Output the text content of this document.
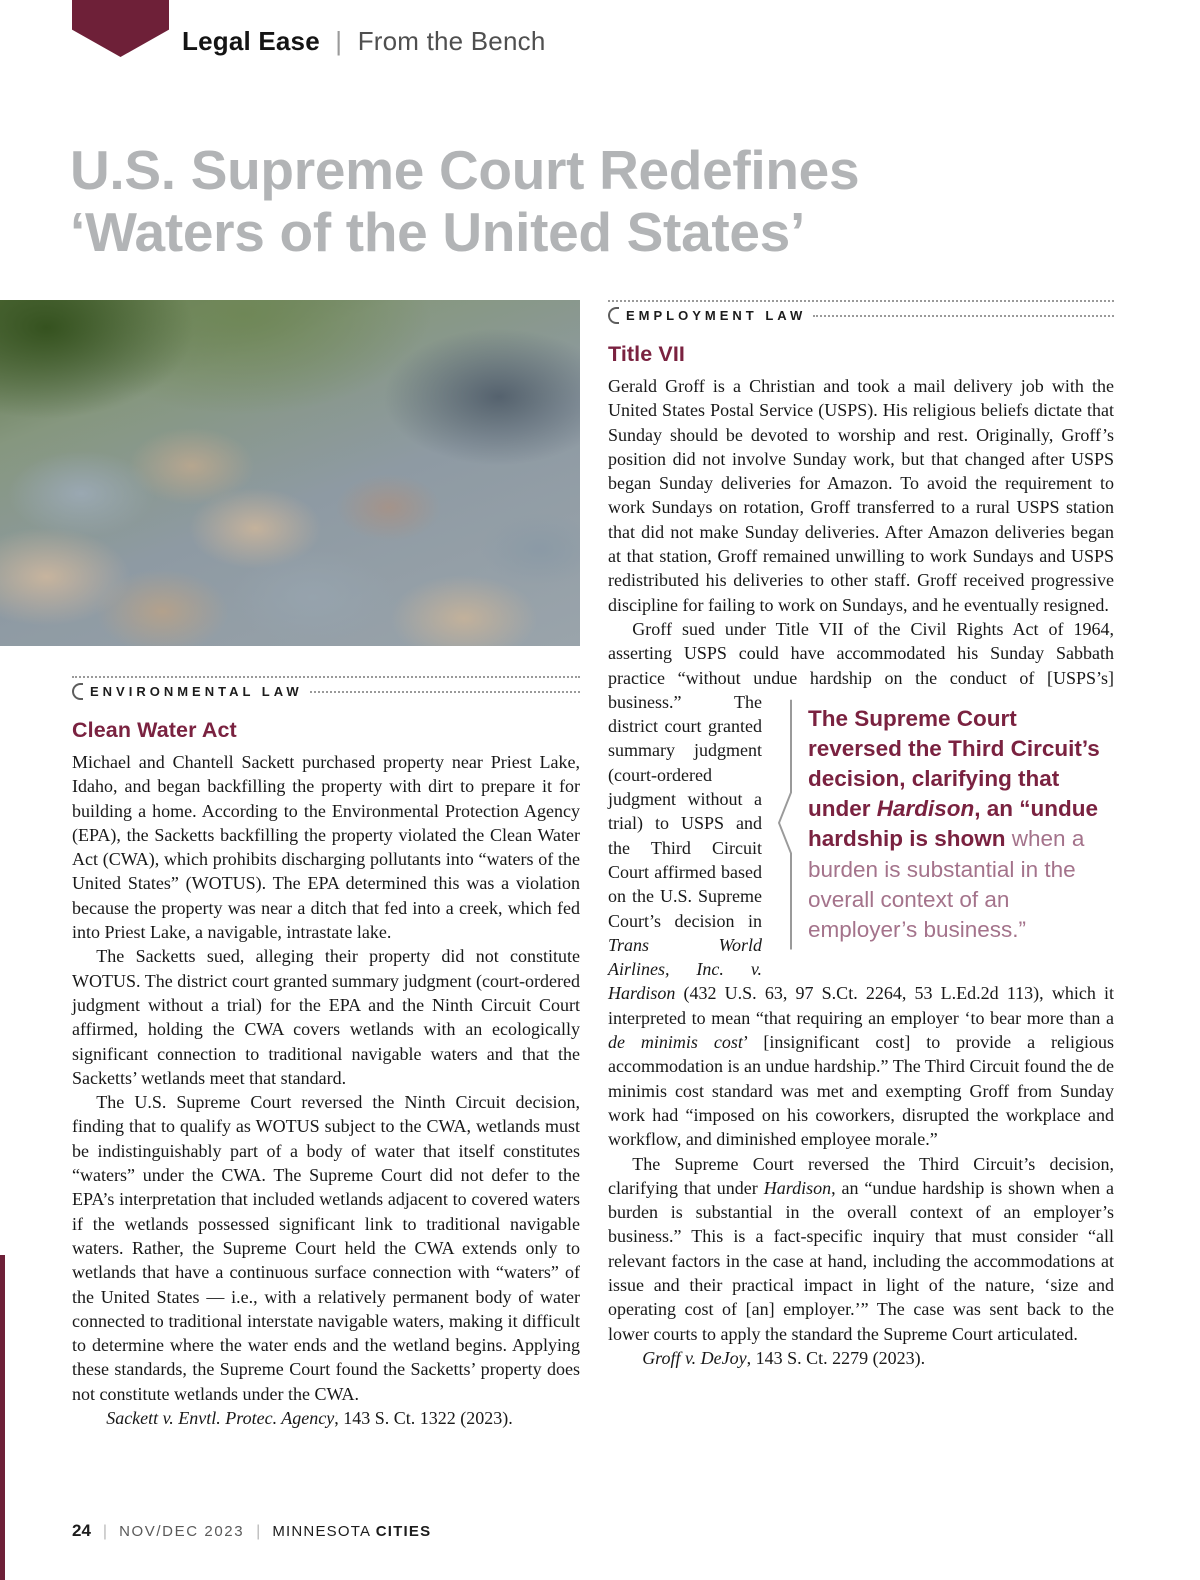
Legal Ease | From the Bench
U.S. Supreme Court Redefines
‘Waters of the United States’
ENVIRONMENTAL LAW
Clean Water Act

Michael and Chantell Sackett purchased property near Priest Lake, Idaho, and began backfilling the property with dirt to prepare it for building a home. According to the Environmental Protection Agency (EPA), the Sacketts backfilling the property violated the Clean Water Act (CWA), which prohibits discharging pollutants into “waters of the United States” (WOTUS). The EPA determined this was a violation because the property was near a ditch that fed into a creek, which fed into Priest Lake, a navigable, intrastate lake.

The Sacketts sued, alleging their property did not constitute WOTUS. The district court granted summary judgment (court-ordered judgment without a trial) for the EPA and the Ninth Circuit Court affirmed, holding the CWA covers wetlands with an ecologically significant connection to traditional navigable waters and that the Sacketts’ wetlands meet that standard.

The U.S. Supreme Court reversed the Ninth Circuit decision, finding that to qualify as WOTUS subject to the CWA, wetlands must be indistinguishably part of a body of water that itself constitutes “waters” under the CWA. The Supreme Court did not defer to the EPA’s interpretation that included wetlands adjacent to covered waters if the wetlands possessed significant link to traditional navigable waters. Rather, the Supreme Court held the CWA extends only to wetlands that have a continuous surface connection with “waters” of the United States — i.e., with a relatively permanent body of water connected to traditional interstate navigable waters, making it difficult to determine where the water ends and the wetland begins. Applying these standards, the Supreme Court found the Sacketts’ property does not constitute wetlands under the CWA.

Sackett v. Envtl. Protec. Agency, 143 S. Ct. 1322 (2023).

EMPLOYMENT LAW
Title VII

Gerald Groff is a Christian and took a mail delivery job with the United States Postal Service (USPS). His religious beliefs dictate that Sunday should be devoted to worship and rest. Originally, Groff’s position did not involve Sunday work, but that changed after USPS began Sunday deliveries for Amazon. To avoid the requirement to work Sundays on rotation, Groff transferred to a rural USPS station that did not make Sunday deliveries. After Amazon deliveries began at that station, Groff remained unwilling to work Sundays and USPS redistributed his deliveries to other staff. Groff received progressive discipline for failing to work on Sundays, and he eventually resigned.

Groff sued under Title VII of the Civil Rights Act of 1964, asserting USPS could have accommodated his Sunday Sabbath practice “without undue hardship on the conduct of [USPS’s] business.” The
The Supreme Court reversed the Third Circuit’s decision, clarifying that under Hardison, an “undue hardship is shown when a burden is substantial in the overall context of an employer’s business.”
district court granted summary judgment (court-ordered judgment without a trial) to USPS and the Third Circuit Court affirmed based on the U.S. Supreme Court’s decision in Trans World Airlines, Inc. v. Hardison (432 U.S. 63, 97 S.Ct. 2264, 53 L.Ed.2d 113), which it interpreted to mean “that requiring an employer ‘to bear more than a de minimis cost’ [insignificant cost] to provide a religious accommodation is an undue hardship.” The Third Circuit found the de minimis cost standard was met and exempting Groff from Sunday work had “imposed on his coworkers, disrupted the workplace and workflow, and diminished employee morale.”

The Supreme Court reversed the Third Circuit’s decision, clarifying that under Hardison, an “undue hardship is shown when a burden is substantial in the overall context of an employer’s business.” This is a fact-specific inquiry that must consider “all relevant factors in the case at hand, including the accommodations at issue and their practical impact in light of the nature, ‘size and operating cost of [an] employer.’” The case was sent back to the lower courts to apply the standard the Supreme Court articulated.

Groff v. DeJoy, 143 S. Ct. 2279 (2023).

24 | NOV/DEC 2023 | MINNESOTA CITIES
